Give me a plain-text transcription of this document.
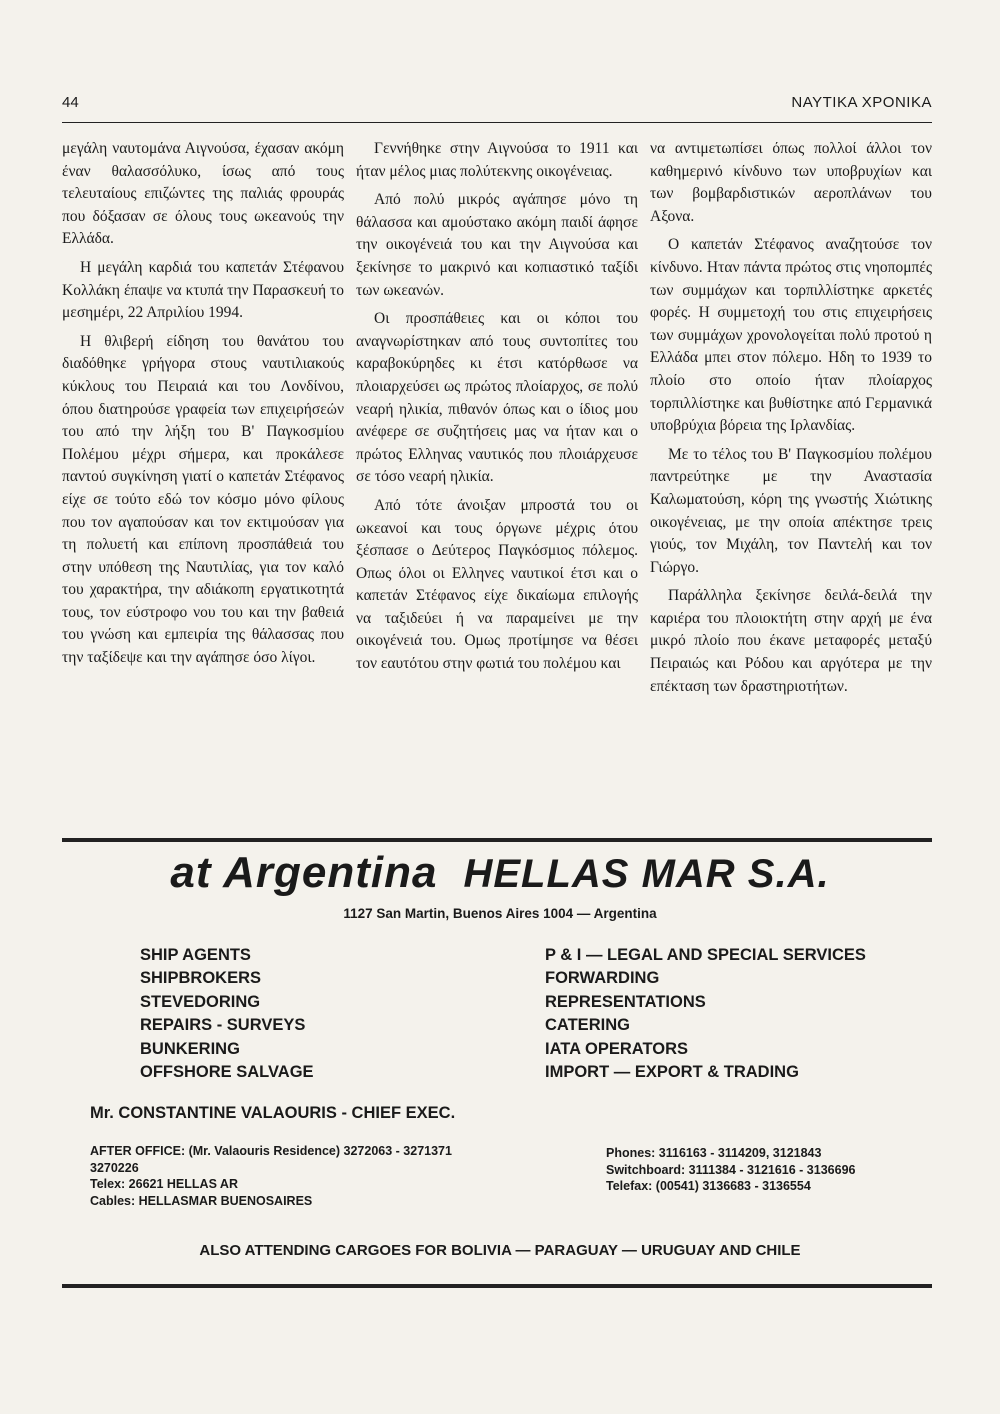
44	ΝΑΥΤΙΚΑ ΧΡΟΝΙΚΑ

μεγάλη ναυτομάνα Αιγνούσα, έχασαν ακόμη έναν θαλασσόλυκο, ίσως από τους τελευταίους επιζώντες της παλιάς φρουράς που δόξασαν σε όλους τους ωκεανούς την Ελλάδα.

Η μεγάλη καρδιά του καπετάν Στέφανου Κολλάκη έπαψε να κτυπά την Παρασκευή το μεσημέρι, 22 Απριλίου 1994.

Η θλιβερή είδηση του θανάτου του διαδόθηκε γρήγορα στους ναυτιλιακούς κύκλους του Πειραιά και του Λονδίνου, όπου διατηρούσε γραφεία των επιχειρήσεών του από την λήξη του Β' Παγκοσμίου Πολέμου μέχρι σήμερα, και προκάλεσε παντού συγκίνηση γιατί ο καπετάν Στέφανος είχε σε τούτο εδώ τον κόσμο μόνο φίλους που τον αγαπούσαν και τον εκτιμούσαν για τη πολυετή και επίπονη προσπάθειά του στην υπόθεση της Ναυτιλίας, για τον καλό του χαρακτήρα, την αδιάκοπη εργατικοτητά τους, τον εύστροφο νου του και την βαθειά του γνώση και εμπειρία της θάλασσας που την ταξίδεψε και την αγάπησε όσο λίγοι.

Γεννήθηκε στην Αιγνούσα το 1911 και ήταν μέλος μιας πολύτεκνης οικογένειας.

Από πολύ μικρός αγάπησε μόνο τη θάλασσα και αμούστακο ακόμη παιδί άφησε την οικογένειά του και την Αιγνούσα και ξεκίνησε το μακρινό και κοπιαστικό ταξίδι των ωκεανών.

Οι προσπάθειες και οι κόποι του αναγνωρίστηκαν από τους συντοπίτες του καραβοκύρηδες κι έτσι κατόρθωσε να πλοιαρχεύσει ως πρώτος πλοίαρχος, σε πολύ νεαρή ηλικία, πιθανόν όπως και ο ίδιος μου ανέφερε σε συζητήσεις μας να ήταν και ο πρώτος Ελληνας ναυτικός που πλοιάρχευσε σε τόσο νεαρή ηλικία.

Από τότε άνοιξαν μπροστά του οι ωκεανοί και τους όργωνε μέχρις ότου ξέσπασε ο Δεύτερος Παγκόσμιος πόλεμος. Οπως όλοι οι Ελληνες ναυτικοί έτσι και ο καπετάν Στέφανος είχε δικαίωμα επιλογής να ταξιδεύει ή να παραμείνει με την οικογένειά του. Ομως προτίμησε να θέσει τον εαυτότου στην φωτιά του πολέμου και

να αντιμετωπίσει όπως πολλοί άλλοι τον καθημερινό κίνδυνο των υποβρυχίων και των βομβαρδιστικών αεροπλάνων του Αξονα.

Ο καπετάν Στέφανος αναζητούσε τον κίνδυνο. Ηταν πάντα πρώτος στις νηοπομπές των συμμάχων και τορπιλλίστηκε αρκετές φορές. Η συμμετοχή του στις επιχειρήσεις των συμμάχων χρονολογείται πολύ προτού η Ελλάδα μπει στον πόλεμο. Ηδη το 1939 το πλοίο στο οποίο ήταν πλοίαρχος τορπιλλίστηκε και βυθίστηκε από Γερμανικά υποβρύχια βόρεια της Ιρλανδίας.

Με το τέλος του Β' Παγκοσμίου πολέμου παντρεύτηκε με την Αναστασία Καλωματούση, κόρη της γνωστής Χιώτικης οικογένειας, με την οποία απέκτησε τρεις γιούς, τον Μιχάλη, τον Παντελή και τον Γιώργο.

Παράλληλα ξεκίνησε δειλά-δειλά την καριέρα του πλοιοκτήτη στην αρχή με ένα μικρό πλοίο που έκανε μεταφορές μεταξύ Πειραιώς και Ρόδου και αργότερα με την επέκταση των δραστηριοτήτων.

at Argentina HELLAS MAR S.A.
1127 San Martin, Buenos Aires 1004 — Argentina
SHIP AGENTS
SHIPBROKERS
STEVEDORING
REPAIRS - SURVEYS
BUNKERING
OFFSHORE SALVAGE
P & I — LEGAL AND SPECIAL SERVICES
FORWARDING
REPRESENTATIONS
CATERING
IATA OPERATORS
IMPORT — EXPORT & TRADING
Mr. CONSTANTINE VALAOURIS - CHIEF EXEC.
AFTER OFFICE: (Mr. Valaouris Residence) 3272063 - 3271371
3270226
Telex: 26621 HELLAS AR
Cables: HELLASMAR BUENOSAIRES
Phones: 3116163 - 3114209, 3121843
Switchboard: 3111384 - 3121616 - 3136696
Telefax: (00541) 3136683 - 3136554
ALSO ATTENDING CARGOES FOR BOLIVIA — PARAGUAY — URUGUAY AND CHILE
